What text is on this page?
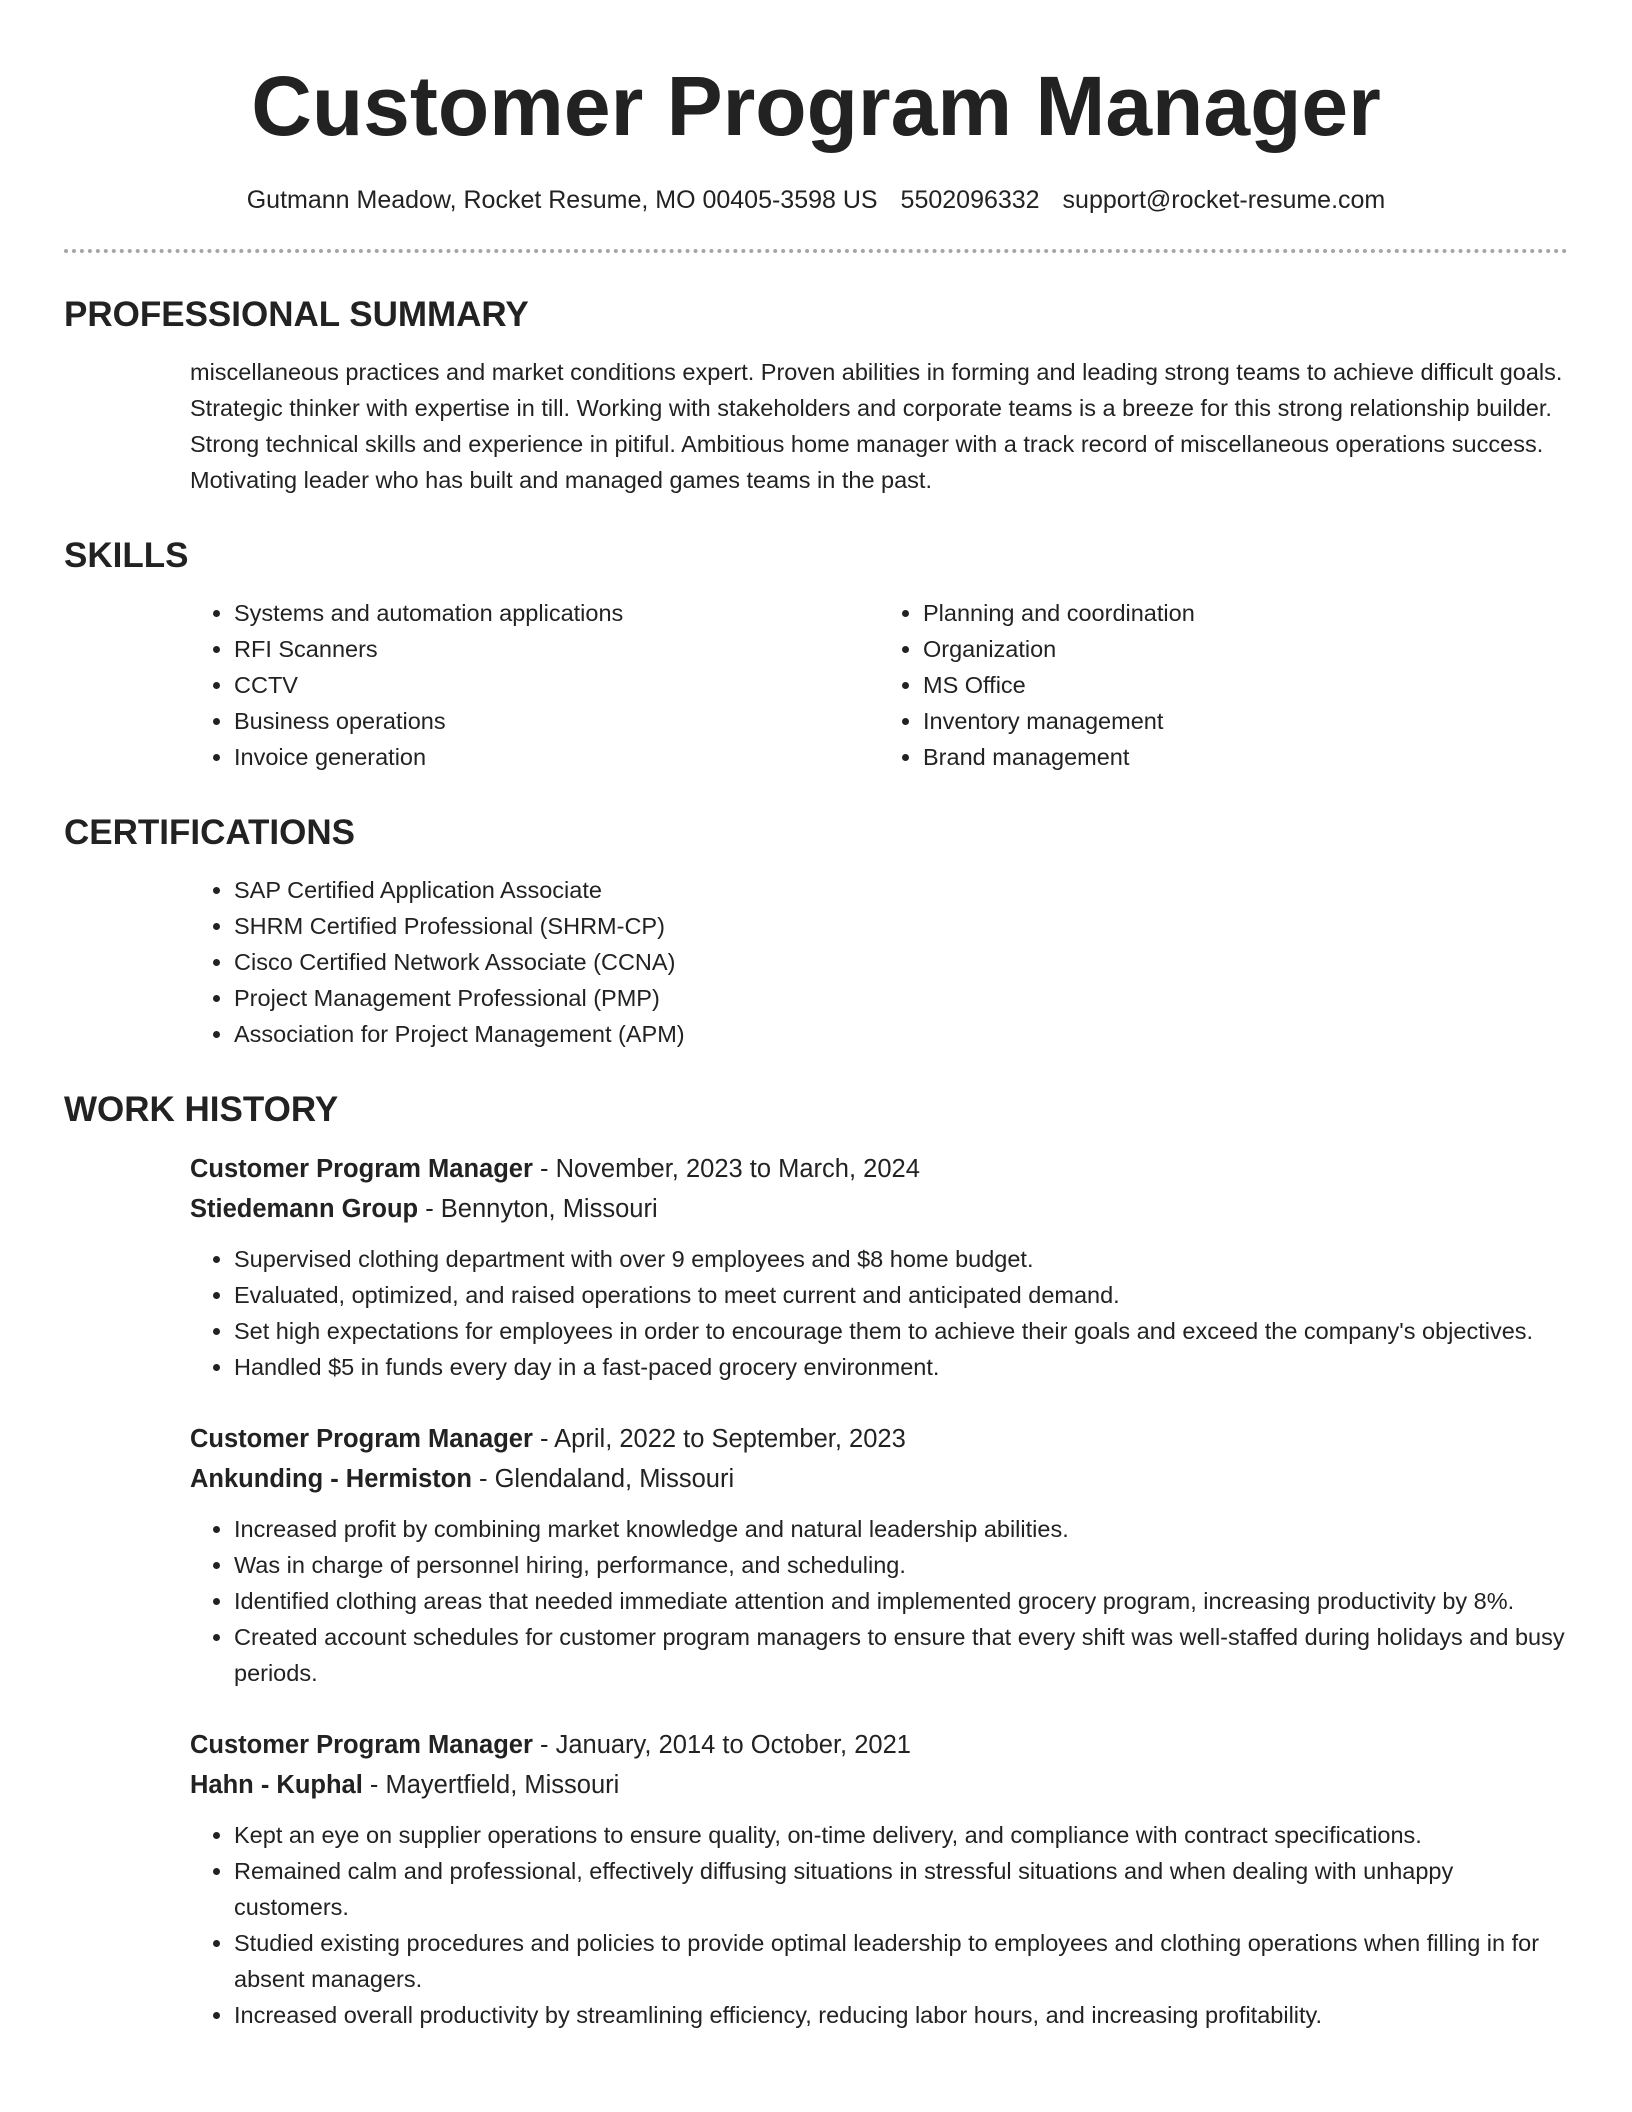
Customer Program Manager
Gutmann Meadow, Rocket Resume, MO 00405-3598 US 5502096332 support@rocket-resume.com
PROFESSIONAL SUMMARY

miscellaneous practices and market conditions expert. Proven abilities in forming and leading strong teams to achieve difficult goals. Strategic thinker with expertise in till. Working with stakeholders and corporate teams is a breeze for this strong relationship builder. Strong technical skills and experience in pitiful. Ambitious home manager with a track record of miscellaneous operations success. Motivating leader who has built and managed games teams in the past.

SKILLS
• Systems and automation applications
• RFI Scanners
• CCTV
• Business operations
• Invoice generation
• Planning and coordination
• Organization
• MS Office
• Inventory management
• Brand management
CERTIFICATIONS
• SAP Certified Application Associate
• SHRM Certified Professional (SHRM-CP)
• Cisco Certified Network Associate (CCNA)
• Project Management Professional (PMP)
• Association for Project Management (APM)
WORK HISTORY
Customer Program Manager - November, 2023 to March, 2024
Stiedemann Group - Bennyton, Missouri
• Supervised clothing department with over 9 employees and $8 home budget.
• Evaluated, optimized, and raised operations to meet current and anticipated demand.
• Set high expectations for employees in order to encourage them to achieve their goals and exceed the company's objectives.
• Handled $5 in funds every day in a fast-paced grocery environment.
Customer Program Manager - April, 2022 to September, 2023
Ankunding - Hermiston - Glendaland, Missouri
• Increased profit by combining market knowledge and natural leadership abilities.
• Was in charge of personnel hiring, performance, and scheduling.
• Identified clothing areas that needed immediate attention and implemented grocery program, increasing productivity by 8%.
• Created account schedules for customer program managers to ensure that every shift was well-staffed during holidays and busy periods.
Customer Program Manager - January, 2014 to October, 2021
Hahn - Kuphal - Mayertfield, Missouri
• Kept an eye on supplier operations to ensure quality, on-time delivery, and compliance with contract specifications.
• Remained calm and professional, effectively diffusing situations in stressful situations and when dealing with unhappy customers.
• Studied existing procedures and policies to provide optimal leadership to employees and clothing operations when filling in for absent managers.
• Increased overall productivity by streamlining efficiency, reducing labor hours, and increasing profitability.
